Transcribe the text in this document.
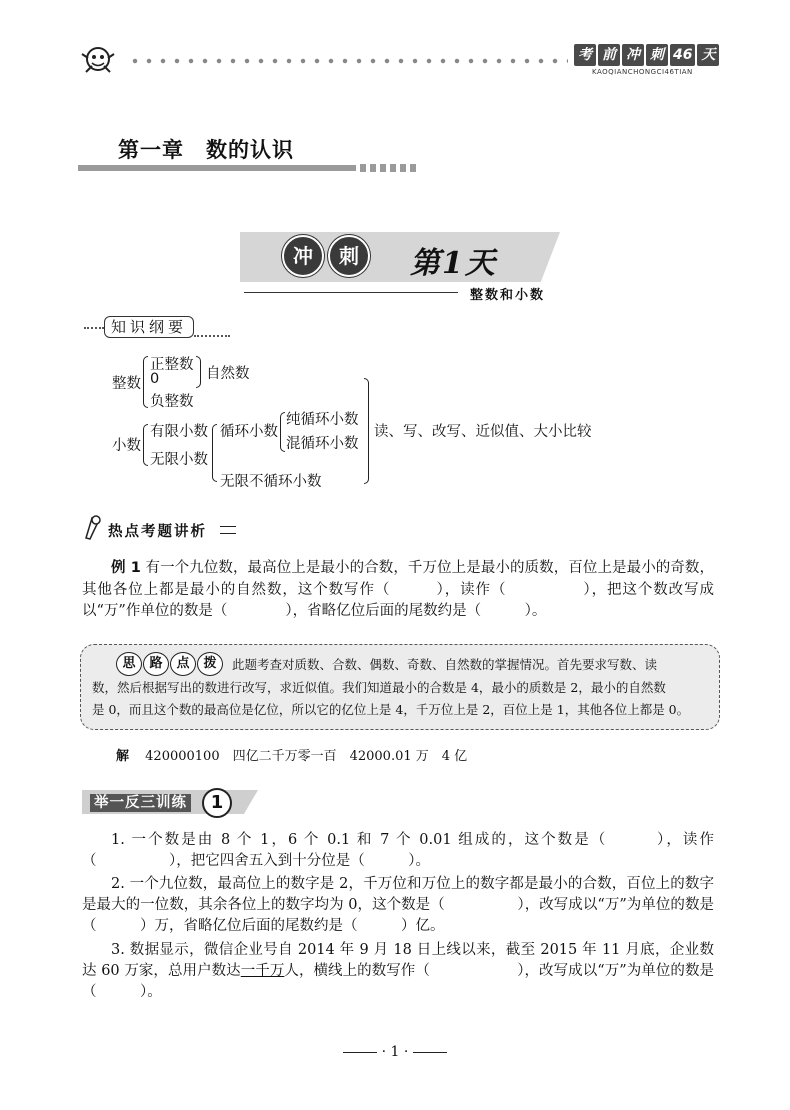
考 前 冲 刺 46 天
KAOQIANCHONGCI46TIAN
第一章　数的认识
冲	刺	第1天
整数和小数
知识纲要
整数
正整数
0
负整数
自然数
小数
有限小数
无限小数
循环小数
纯循环小数
混循环小数
无限不循环小数
读、写、改写、近似值、大小比较
热点考题讲析
例 1 有一个九位数，最高位上是最小的合数，千万位上是最小的质数，百位上是最小的奇数，其他各位上都是最小的自然数，这个数写作（　　　），读作（　　　　　），把这个数改写成以“万”作单位的数是（　　　　），省略亿位后面的尾数约是（　　　）。
思	路	点	拨	此题考查对质数、合数、偶数、奇数、自然数的掌握情况。首先要求写数、读
数，然后根据写出的数进行改写，求近似值。我们知道最小的合数是 4，最小的质数是 2，最小的自然数
是 0，而且这个数的最高位是亿位，所以它的亿位上是 4，千万位上是 2，百位上是 1，其他各位上都是 0。
解 420000100　四亿二千万零一百　42000.01 万　4 亿
举一反三训练	1
1. 一个数是由 8 个 1，6 个 0.1 和 7 个 0.01 组成的，这个数是（　　　），读作（　　　　　），把它四舍五入到十分位是（　　　）。
2. 一个九位数，最高位上的数字是 2，千万位和万位上的数字都是最小的合数，百位上的数字是最大的一位数，其余各位上的数字均为 0，这个数是（　　　　　），改写成以“万”为单位的数是（　　　）万，省略亿位后面的尾数约是（　　　）亿。
3. 数据显示，微信企业号自 2014 年 9 月 18 日上线以来，截至 2015 年 11 月底，企业数达 60 万家，总用户数达一千万人，横线上的数写作（　　　　　　），改写成以“万”为单位的数是（　　　）。
· 1 ·
